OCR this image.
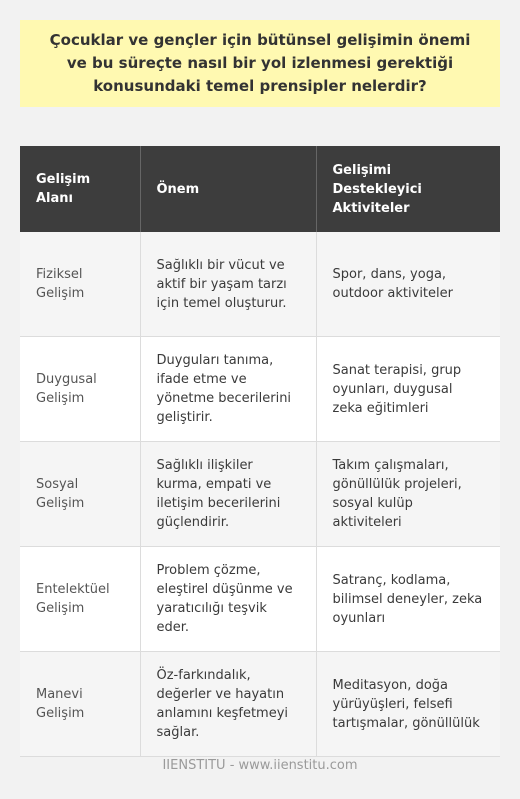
Çocuklar ve gençler için bütünsel gelişimin önemi ve bu süreçte nasıl bir yol izlenmesi gerektiği konusundaki temel prensipler nelerdir?

Gelişim Alanı	Önem	Gelişimi Destekleyici Aktiviteler
Fiziksel Gelişim	Sağlıklı bir vücut ve aktif bir yaşam tarzı için temel oluşturur.	Spor, dans, yoga, outdoor aktiviteler
Duygusal Gelişim	Duyguları tanıma, ifade etme ve yönetme becerilerini geliştirir.	Sanat terapisi, grup oyunları, duygusal zeka eğitimleri
Sosyal Gelişim	Sağlıklı ilişkiler kurma, empati ve iletişim becerilerini güçlendirir.	Takım çalışmaları, gönüllülük projeleri, sosyal kulüp aktiviteleri
Entelektüel Gelişim	Problem çözme, eleştirel düşünme ve yaratıcılığı teşvik eder.	Satranç, kodlama, bilimsel deneyler, zeka oyunları
Manevi Gelişim	Öz-farkındalık, değerler ve hayatın anlamını keşfetmeyi sağlar.	Meditasyon, doğa yürüyüşleri, felsefi tartışmalar, gönüllülük
IIENSTITU - www.iienstitu.com
